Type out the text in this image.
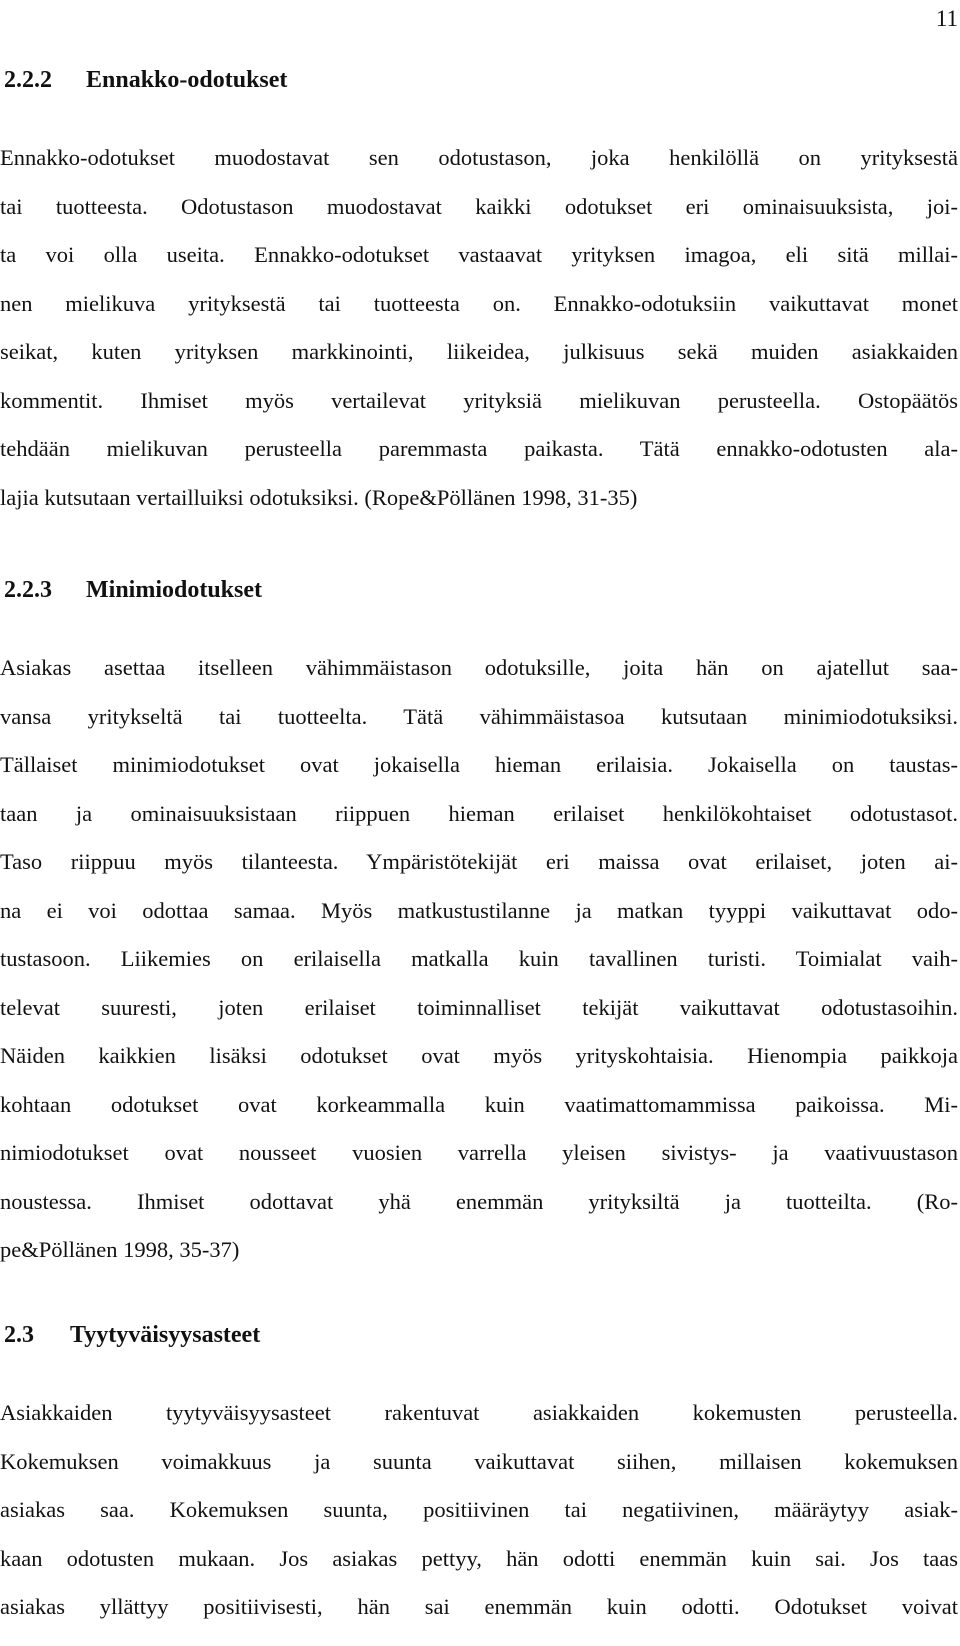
11
2.2.2 Ennakko-odotukset
Ennakko-odotukset muodostavat sen odotustason, joka henkilöllä on yrityksestä
tai tuotteesta. Odotustason muodostavat kaikki odotukset eri ominaisuuksista, joi-
ta voi olla useita. Ennakko-odotukset vastaavat yrityksen imagoa, eli sitä millai-
nen mielikuva yrityksestä tai tuotteesta on. Ennakko-odotuksiin vaikuttavat monet
seikat, kuten yrityksen markkinointi, liikeidea, julkisuus sekä muiden asiakkaiden
kommentit. Ihmiset myös vertailevat yrityksiä mielikuvan perusteella. Ostopäätös
tehdään mielikuvan perusteella paremmasta paikasta. Tätä ennakko-odotusten ala-
lajia kutsutaan vertailluiksi odotuksiksi. (Rope&Pöllänen 1998, 31-35)
2.2.3 Minimiodotukset
Asiakas asettaa itselleen vähimmäistason odotuksille, joita hän on ajatellut saa-
vansa yritykseltä tai tuotteelta. Tätä vähimmäistasoa kutsutaan minimiodotuksiksi.
Tällaiset minimiodotukset ovat jokaisella hieman erilaisia. Jokaisella on taustas-
taan ja ominaisuuksistaan riippuen hieman erilaiset henkilökohtaiset odotustasot.
Taso riippuu myös tilanteesta. Ympäristötekijät eri maissa ovat erilaiset, joten ai-
na ei voi odottaa samaa. Myös matkustustilanne ja matkan tyyppi vaikuttavat odo-
tustasoon. Liikemies on erilaisella matkalla kuin tavallinen turisti. Toimialat vaih-
televat suuresti, joten erilaiset toiminnalliset tekijät vaikuttavat odotustasoihin.
Näiden kaikkien lisäksi odotukset ovat myös yrityskohtaisia. Hienompia paikkoja
kohtaan odotukset ovat korkeammalla kuin vaatimattomammissa paikoissa. Mi-
nimiodotukset ovat nousseet vuosien varrella yleisen sivistys- ja vaativuustason
noustessa. Ihmiset odottavat yhä enemmän yrityksiltä ja tuotteilta. (Ro-
pe&Pöllänen 1998, 35-37)
2.3 Tyytyväisyysasteet
Asiakkaiden tyytyväisyysasteet rakentuvat asiakkaiden kokemusten perusteella.
Kokemuksen voimakkuus ja suunta vaikuttavat siihen, millaisen kokemuksen
asiakas saa. Kokemuksen suunta, positiivinen tai negatiivinen, määräytyy asiak-
kaan odotusten mukaan. Jos asiakas pettyy, hän odotti enemmän kuin sai. Jos taas
asiakas yllättyy positiivisesti, hän sai enemmän kuin odotti. Odotukset voivat
